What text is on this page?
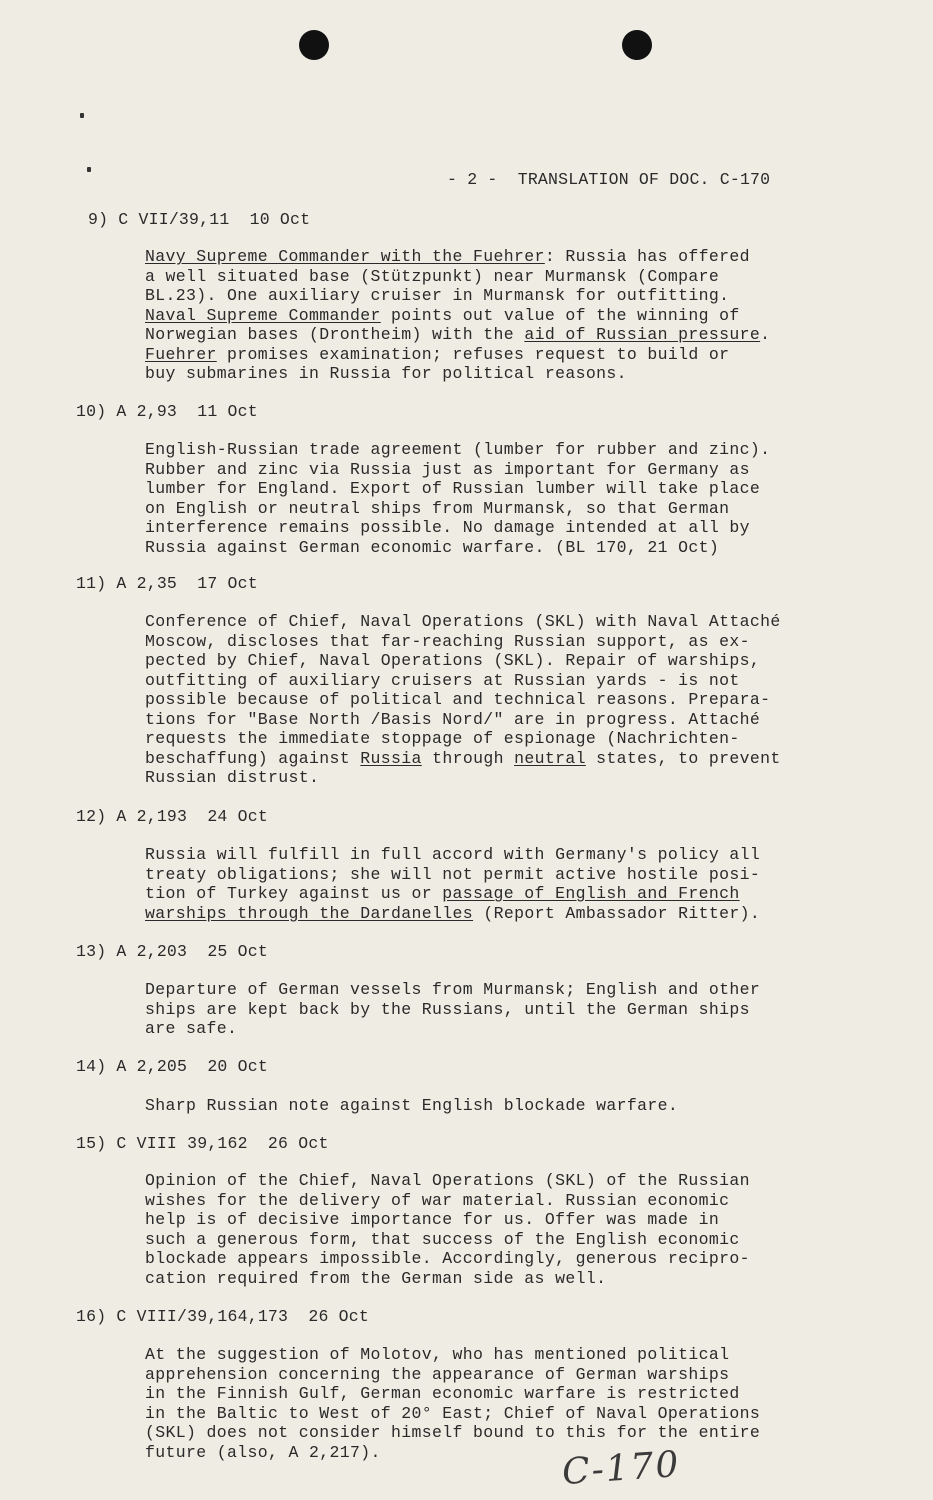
- 2 -  TRANSLATION OF DOC. C-170
9) C VII/39,11  10 Oct
Navy Supreme Commander with the Fuehrer: Russia has offered
a well situated base (Stützpunkt) near Murmansk (Compare
BL.23). One auxiliary cruiser in Murmansk for outfitting.
Naval Supreme Commander points out value of the winning of
Norwegian bases (Drontheim) with the aid of Russian pressure.
Fuehrer promises examination; refuses request to build or
buy submarines in Russia for political reasons.
10) A 2,93  11 Oct
English-Russian trade agreement (lumber for rubber and zinc).
Rubber and zinc via Russia just as important for Germany as
lumber for England. Export of Russian lumber will take place
on English or neutral ships from Murmansk, so that German
interference remains possible. No damage intended at all by
Russia against German economic warfare. (BL 170, 21 Oct)
11) A 2,35  17 Oct
Conference of Chief, Naval Operations (SKL) with Naval Attaché
Moscow, discloses that far-reaching Russian support, as ex-
pected by Chief, Naval Operations (SKL). Repair of warships,
outfitting of auxiliary cruisers at Russian yards - is not
possible because of political and technical reasons. Prepara-
tions for "Base North /Basis Nord/" are in progress. Attaché
requests the immediate stoppage of espionage (Nachrichten-
beschaffung) against Russia through neutral states, to prevent
Russian distrust.
12) A 2,193  24 Oct
Russia will fulfill in full accord with Germany's policy all
treaty obligations; she will not permit active hostile posi-
tion of Turkey against us or passage of English and French
warships through the Dardanelles (Report Ambassador Ritter).
13) A 2,203  25 Oct
Departure of German vessels from Murmansk; English and other
ships are kept back by the Russians, until the German ships
are safe.
14) A 2,205  20 Oct
Sharp Russian note against English blockade warfare.
15) C VIII 39,162  26 Oct
Opinion of the Chief, Naval Operations (SKL) of the Russian
wishes for the delivery of war material. Russian economic
help is of decisive importance for us. Offer was made in
such a generous form, that success of the English economic
blockade appears impossible. Accordingly, generous recipro-
cation required from the German side as well.
16) C VIII/39,164,173  26 Oct
At the suggestion of Molotov, who has mentioned political
apprehension concerning the appearance of German warships
in the Finnish Gulf, German economic warfare is restricted
in the Baltic to West of 20° East; Chief of Naval Operations
(SKL) does not consider himself bound to this for the entire
future (also, A 2,217).	C-170
